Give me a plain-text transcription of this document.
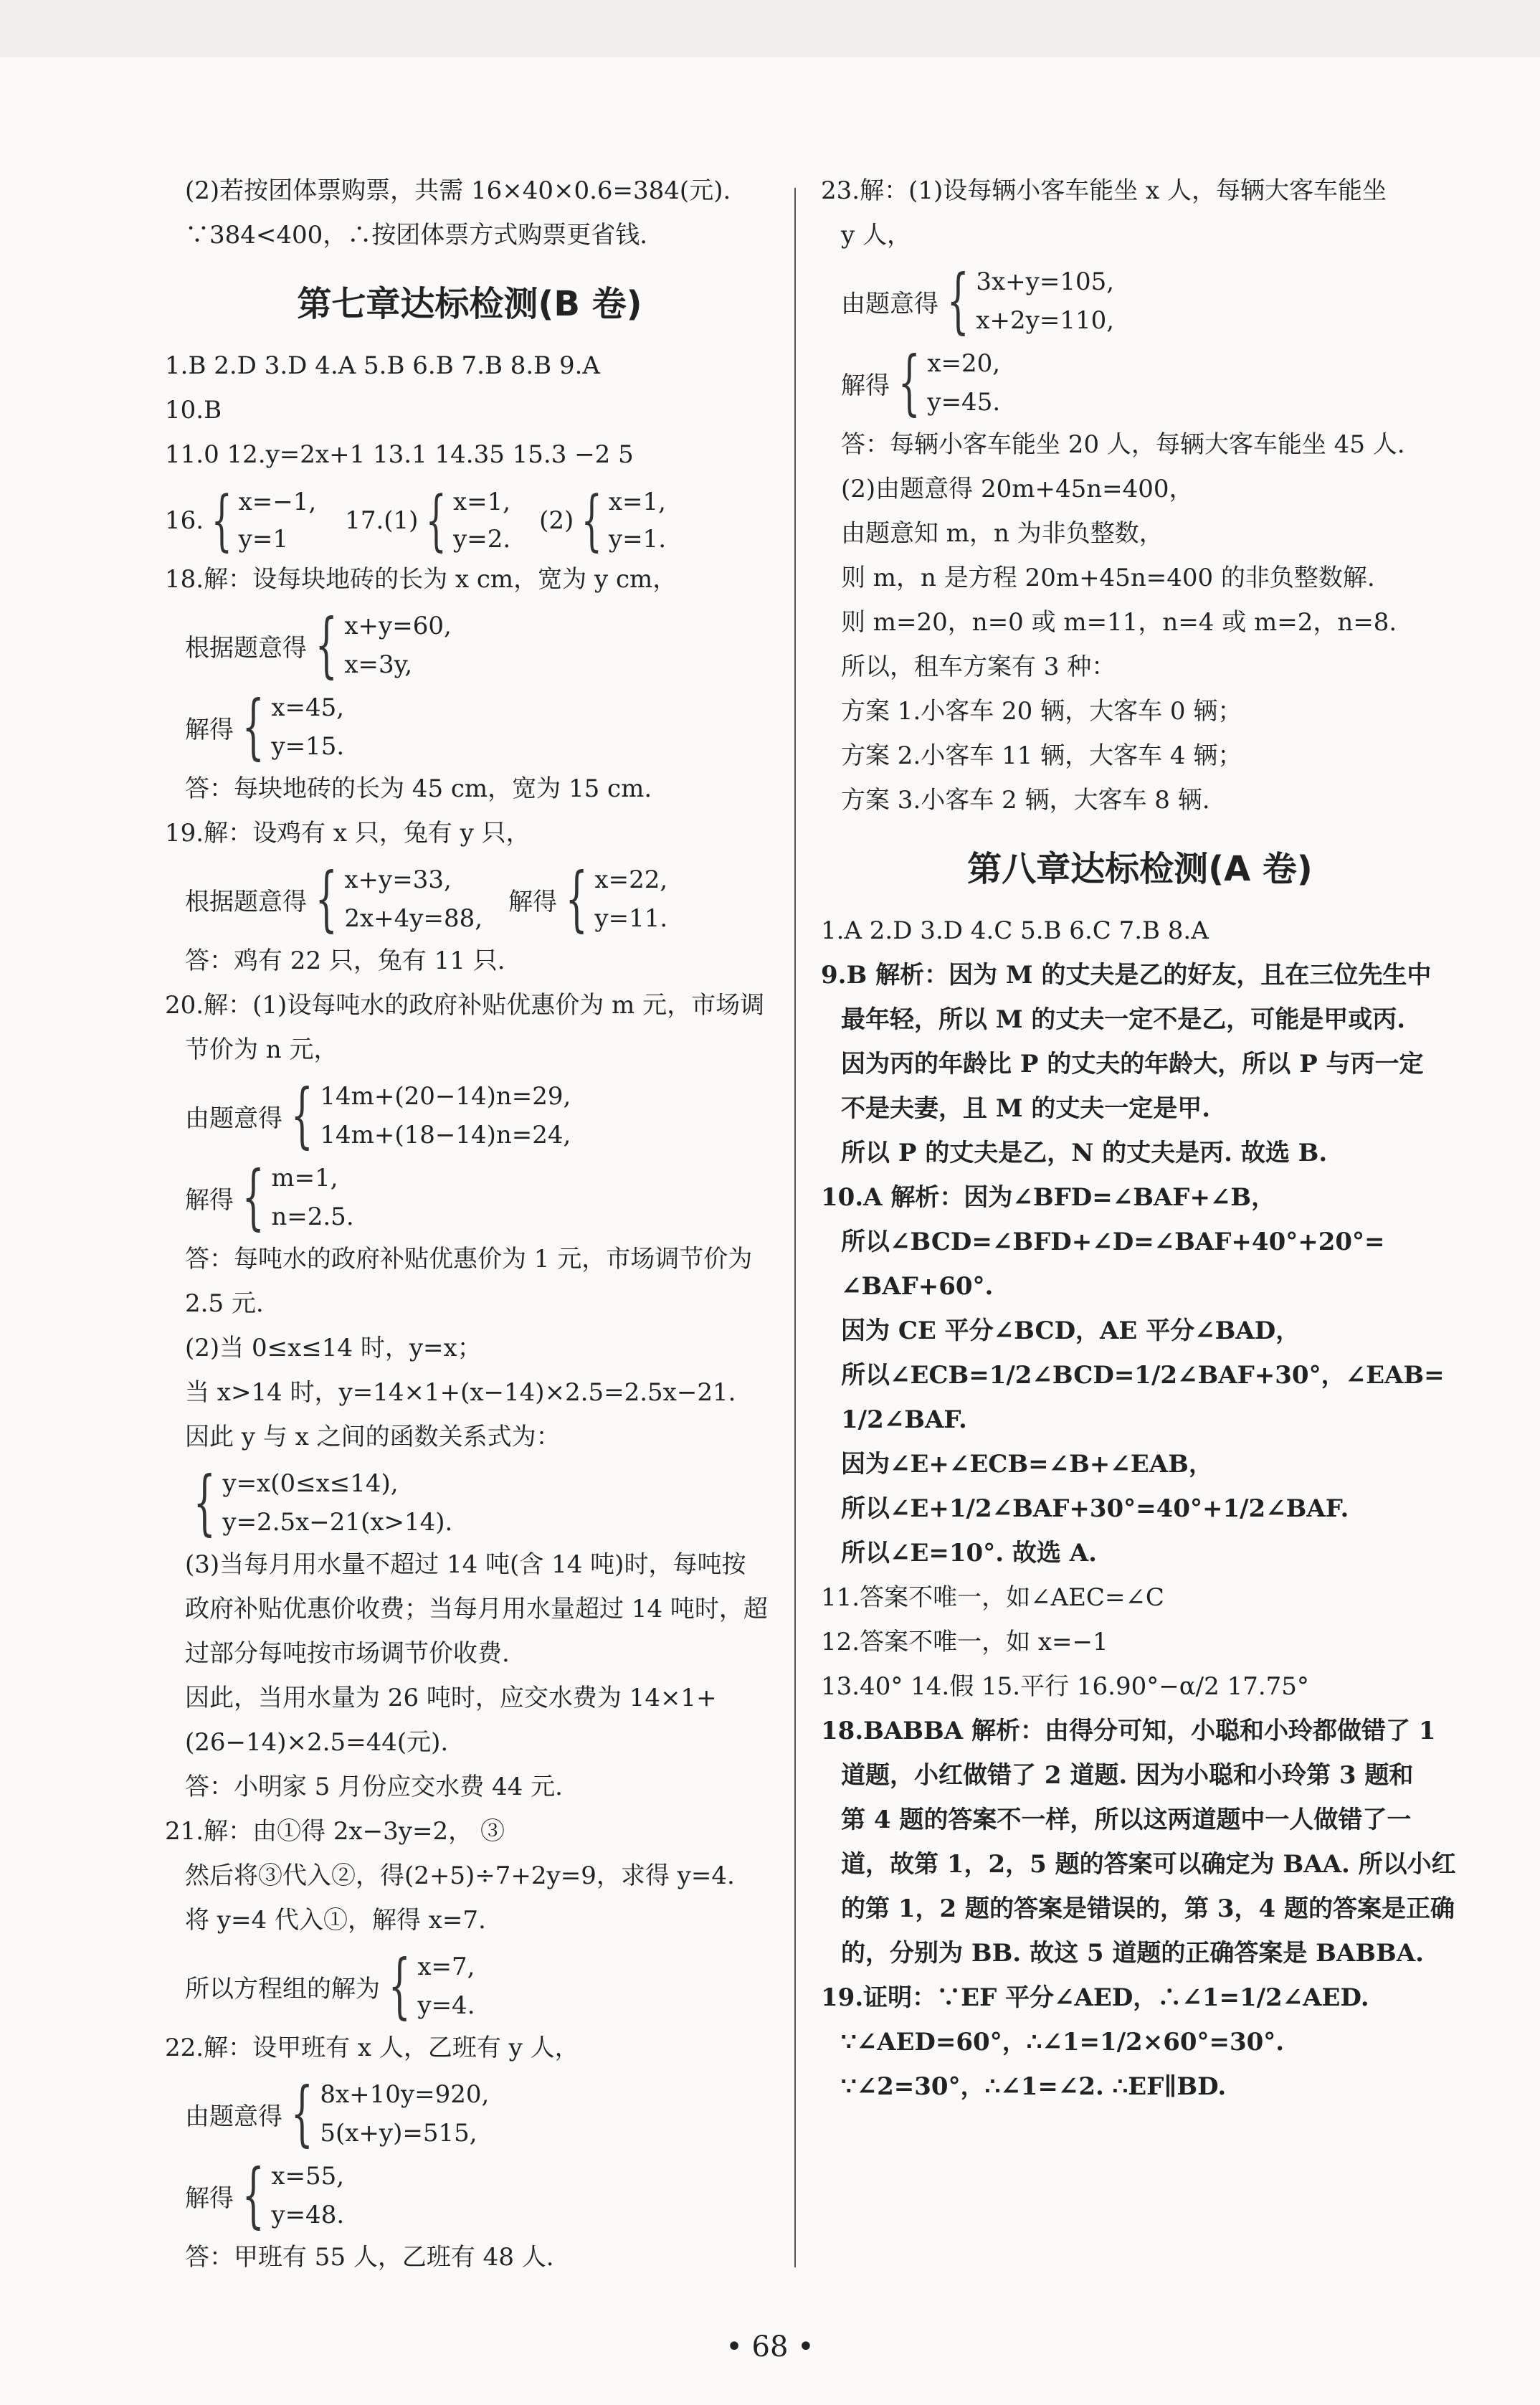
(2)若按团体票购票，共需 16×40×0.6=384(元).
∵384<400，∴按团体票方式购票更省钱.
第七章达标检测(B 卷)
1.B 2.D 3.D 4.A 5.B 6.B 7.B 8.B 9.A
10.B
11.0 12.y=2x+1 13.1 14.35 15.3 −2 5
16. { x=−1,
y=1
17.(1) { x=1,
y=2.
(2) { x=1,
y=1.
18.解：设每块地砖的长为 x cm，宽为 y cm，
根据题意得 { x+y=60,
x=3y,
解得 { x=45,
y=15.
答：每块地砖的长为 45 cm，宽为 15 cm.
19.解：设鸡有 x 只，兔有 y 只，
根据题意得 { x+y=33,
2x+4y=88,
解得 { x=22,
y=11.
答：鸡有 22 只，兔有 11 只.
20.解：(1)设每吨水的政府补贴优惠价为 m 元，市场调
节价为 n 元，
由题意得 { 14m+(20−14)n=29,
14m+(18−14)n=24,
解得 { m=1,
n=2.5.
答：每吨水的政府补贴优惠价为 1 元，市场调节价为
2.5 元.
(2)当 0≤x≤14 时，y=x；
当 x>14 时，y=14×1+(x−14)×2.5=2.5x−21.
因此 y 与 x 之间的函数关系式为：
{ y=x(0≤x≤14),
y=2.5x−21(x>14).
(3)当每月用水量不超过 14 吨(含 14 吨)时，每吨按
政府补贴优惠价收费；当每月用水量超过 14 吨时，超
过部分每吨按市场调节价收费.
因此，当用水量为 26 吨时，应交水费为 14×1+
(26−14)×2.5=44(元).
答：小明家 5 月份应交水费 44 元.
21.解：由①得 2x−3y=2， ③
然后将③代入②，得(2+5)÷7+2y=9，求得 y=4.
将 y=4 代入①，解得 x=7.
所以方程组的解为 { x=7,
y=4.
22.解：设甲班有 x 人，乙班有 y 人，
由题意得 { 8x+10y=920,
5(x+y)=515,
解得 { x=55,
y=48.
答：甲班有 55 人，乙班有 48 人.
23.解：(1)设每辆小客车能坐 x 人，每辆大客车能坐
y 人，
由题意得 { 3x+y=105,
x+2y=110,
解得 { x=20,
y=45.
答：每辆小客车能坐 20 人，每辆大客车能坐 45 人.
(2)由题意得 20m+45n=400，
由题意知 m，n 为非负整数，
则 m，n 是方程 20m+45n=400 的非负整数解.
则 m=20，n=0 或 m=11，n=4 或 m=2，n=8.
所以，租车方案有 3 种：
方案 1.小客车 20 辆，大客车 0 辆；
方案 2.小客车 11 辆，大客车 4 辆；
方案 3.小客车 2 辆，大客车 8 辆.
第八章达标检测(A 卷)
1.A 2.D 3.D 4.C 5.B 6.C 7.B 8.A
9.B 解析：因为 M 的丈夫是乙的好友，且在三位先生中
最年轻，所以 M 的丈夫一定不是乙，可能是甲或丙.
因为丙的年龄比 P 的丈夫的年龄大，所以 P 与丙一定
不是夫妻，且 M 的丈夫一定是甲.
所以 P 的丈夫是乙，N 的丈夫是丙. 故选 B.
10.A 解析：因为∠BFD=∠BAF+∠B，
所以∠BCD=∠BFD+∠D=∠BAF+40°+20°=
∠BAF+60°.
因为 CE 平分∠BCD，AE 平分∠BAD，
所以∠ECB=1/2∠BCD=1/2∠BAF+30°，∠EAB=
1/2∠BAF.
因为∠E+∠ECB=∠B+∠EAB，
所以∠E+1/2∠BAF+30°=40°+1/2∠BAF.
所以∠E=10°. 故选 A.
11.答案不唯一，如∠AEC=∠C
12.答案不唯一，如 x=−1
13.40° 14.假 15.平行 16.90°−α/2 17.75°
18.BABBA 解析：由得分可知，小聪和小玲都做错了 1
道题，小红做错了 2 道题. 因为小聪和小玲第 3 题和
第 4 题的答案不一样，所以这两道题中一人做错了一
道，故第 1，2，5 题的答案可以确定为 BAA. 所以小红
的第 1，2 题的答案是错误的，第 3，4 题的答案是正确
的，分别为 BB. 故这 5 道题的正确答案是 BABBA.
19.证明：∵EF 平分∠AED，∴∠1=1/2∠AED.
∵∠AED=60°，∴∠1=1/2×60°=30°.
∵∠2=30°，∴∠1=∠2. ∴EF∥BD.
• 68 •
